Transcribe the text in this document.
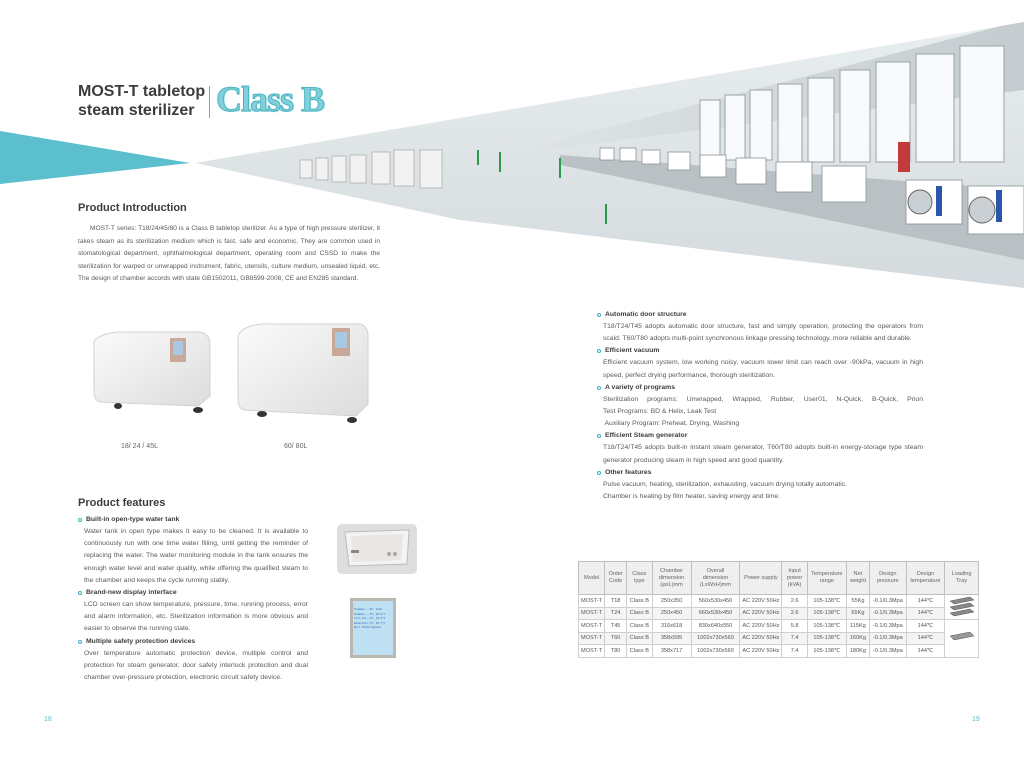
MOST-T tabletop
steam sterilizer Class B
Product Introduction
MOST-T series: T18/24/45/80 is a Class B tabletop sterilizer. As a type of high pressure sterilizer, it takes steam as its sterilization medium which is fast, safe and economic. They are common used in stomatological department, ophthalmological department, operating room and CSSD to make the sterilization for warped or unwrapped instrument, fabric, utensils, culture medium, unsealed liquid, etc. The design of chamber accords with state GB1502011, GB8599-2008, CE and EN285 standard.
18/ 24 / 45L	60/ 80L
Product features
Built-in open-type water tank
Water tank in open type makes it easy to be cleaned. It is available to continuously run with one time water filling, until getting the reminder of replacing the water. The water monitoring module in the tank ensures the enough water level and water quality, while offering the qualified steam to the chamber and keeps the cycle running stably.
Brand-new display interface
LCD screen can show temperature, pressure, time, running process, error and alarm information, etc. Sterilization information is more obvious and easier to observe the running state.
Multiple safety protection devices
Over temperature automatic protection device, multiple control and protection for steam generator, door safety interlock protection and dual chamber over-pressure protection, electronic circuit safety device.
Chamber---P1: 1kPa
Chamber---T1: 20.6°C
Clnr-out--T2: 40.6°C
Generator-T3: 93.7°C
Door State:Opened
Automatic door structure
T18/T24/T45 adopts automatic door structure, fast and simply operation, protecting the operators from scald. T60/T80 adopts multi-point synchronous linkage pressing technology, more reliable and durable.
Efficient vacuum
Efficient vacuum system, low working noisy, vacuum lower limit can reach over -90kPa, vacuum in high speed, perfect drying performance, thorough sterilization.
A variety of programs
Sterilization programs: Unwrapped, Wrapped, Rubber, User01, N-Quick, B-Quick, Prion
Test Programs: BD & Helix, Leak Test
Auxiliary Program: Preheat, Drying, Washing
Efficient Steam generator
T18/T24/T45 adopts built-in instant steam generator, T60/T80 adopts built-in energy-storage type steam generator producing steam in high speed and good quantity.
Other features
Pulse vacuum, heating, sterilization, exhausting, vacuum drying totally automatic.
Chamber is heating by film heater, saving energy and time.
Model	Order Code	Class type	Chamber dimension (φxL)mm	Overall dimension (LxWxH)mm	Power supply	Input power (kVA)	Temperature range	Net weight	Design pressure	Design temperature	Loading Tray
MOST-T	T18	Class B	250x350	560x530x450	AC 220V 50Hz	2.6	105-138℃	55Kg	-0.1/0.3Mpa	144℃	
MOST-T	T24	Class B	250x450	660x530x450	AC 220V 50Hz	2.6	105-138℃	65Kg	-0.1/0.3Mpa	144℃	
MOST-T	T45	Class B	316x618	830x640x550	AC 220V 50Hz	5.8	105-138℃	115Kg	-0.1/0.3Mpa	144℃	
MOST-T	T60	Class B	358x595	1002x730x560	AC 220V 50Hz	7.4	105-138℃	160Kg	-0.1/0.3Mpa	144℃	
MOST-T	T80	Class B	358x717	1002x730x560	AC 220V 50Hz	7.4	105-138℃	180Kg	-0.1/0.3Mpa	144℃	
18	19
